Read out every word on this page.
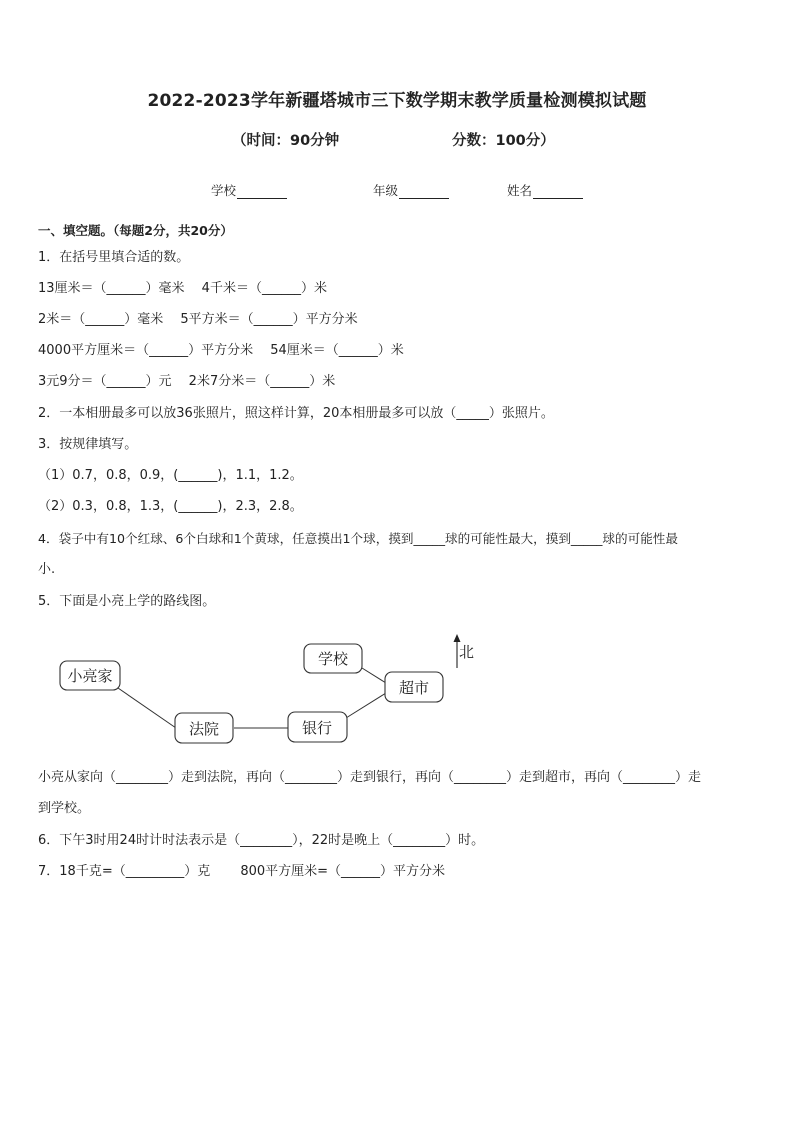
2022-2023学年新疆塔城市三下数学期末教学质量检测模拟试题
（时间：90分钟	分数：100分）
学校	年级	姓名
一、填空题。（每题2分，共20分）
1．在括号里填合适的数。
13厘米＝（______）毫米　 4千米＝（______）米
2米＝（______）毫米　 5平方米＝（______）平方分米
4000平方厘米＝（______）平方分米　 54厘米＝（______）米
3元9分＝（______）元　 2米7分米＝（______）米
2．一本相册最多可以放36张照片，照这样计算，20本相册最多可以放（_____）张照片。
3．按规律填写。
（1）0.7，0.8，0.9，(______)，1.1，1.2。
（2）0.3，0.8，1.3，(______)，2.3，2.8。
4．袋子中有10个红球、6个白球和1个黄球，任意摸出1个球，摸到_____球的可能性最大，摸到_____球的可能性最
小.
5．下面是小亮上学的路线图。
小亮家
法院	银行
学校
超市
北
小亮从家向（________）走到法院，再向（________）走到银行，再向（________）走到超市，再向（________）走
到学校。
6．下午3时用24时计时法表示是（________），22时是晚上（________）时。
7．18千克=（_________）克　　 800平方厘米=（______）平方分米
